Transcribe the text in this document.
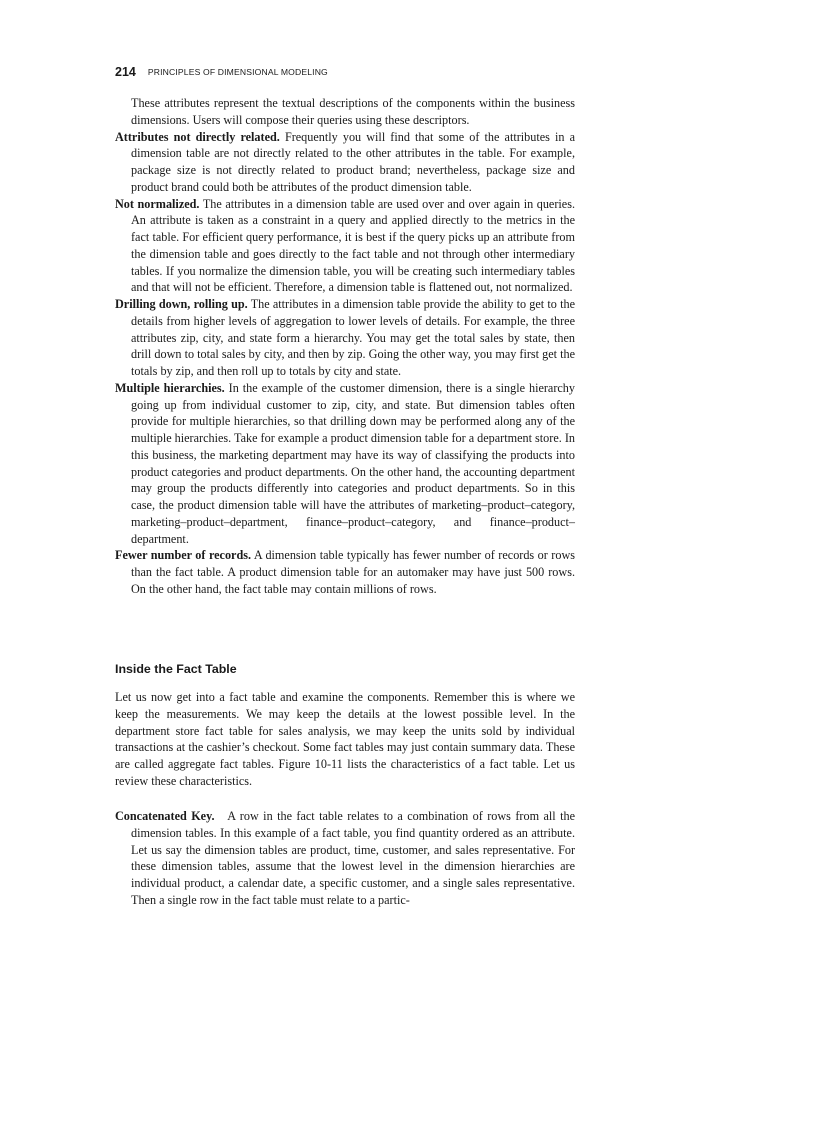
214 PRINCIPLES OF DIMENSIONAL MODELING

These attributes represent the textual descriptions of the components within the business dimensions. Users will compose their queries using these descriptors.

Attributes not directly related. Frequently you will find that some of the attributes in a dimension table are not directly related to the other attributes in the table. For example, package size is not directly related to product brand; nevertheless, package size and product brand could both be attributes of the product dimension table.

Not normalized. The attributes in a dimension table are used over and over again in queries. An attribute is taken as a constraint in a query and applied directly to the metrics in the fact table. For efficient query performance, it is best if the query picks up an attribute from the dimension table and goes directly to the fact table and not through other intermediary tables. If you normalize the dimension table, you will be creating such intermediary tables and that will not be efficient. Therefore, a dimension table is flattened out, not normalized.

Drilling down, rolling up. The attributes in a dimension table provide the ability to get to the details from higher levels of aggregation to lower levels of details. For example, the three attributes zip, city, and state form a hierarchy. You may get the total sales by state, then drill down to total sales by city, and then by zip. Going the other way, you may first get the totals by zip, and then roll up to totals by city and state.

Multiple hierarchies. In the example of the customer dimension, there is a single hierarchy going up from individual customer to zip, city, and state. But dimension tables often provide for multiple hierarchies, so that drilling down may be performed along any of the multiple hierarchies. Take for example a product dimension table for a department store. In this business, the marketing department may have its way of classifying the products into product categories and product departments. On the other hand, the accounting department may group the products differently into categories and product departments. So in this case, the product dimension table will have the attributes of marketing–product–category, marketing–product–department, finance–product–category, and finance–product–department.

Fewer number of records. A dimension table typically has fewer number of records or rows than the fact table. A product dimension table for an automaker may have just 500 rows. On the other hand, the fact table may contain millions of rows.

Inside the Fact Table

Let us now get into a fact table and examine the components. Remember this is where we keep the measurements. We may keep the details at the lowest possible level. In the department store fact table for sales analysis, we may keep the units sold by individual transactions at the cashier’s checkout. Some fact tables may just contain summary data. These are called aggregate fact tables. Figure 10-11 lists the characteristics of a fact table. Let us review these characteristics.

Concatenated Key. A row in the fact table relates to a combination of rows from all the dimension tables. In this example of a fact table, you find quantity ordered as an attribute. Let us say the dimension tables are product, time, customer, and sales representative. For these dimension tables, assume that the lowest level in the dimension hierarchies are individual product, a calendar date, a specific customer, and a single sales representative. Then a single row in the fact table must relate to a partic-
